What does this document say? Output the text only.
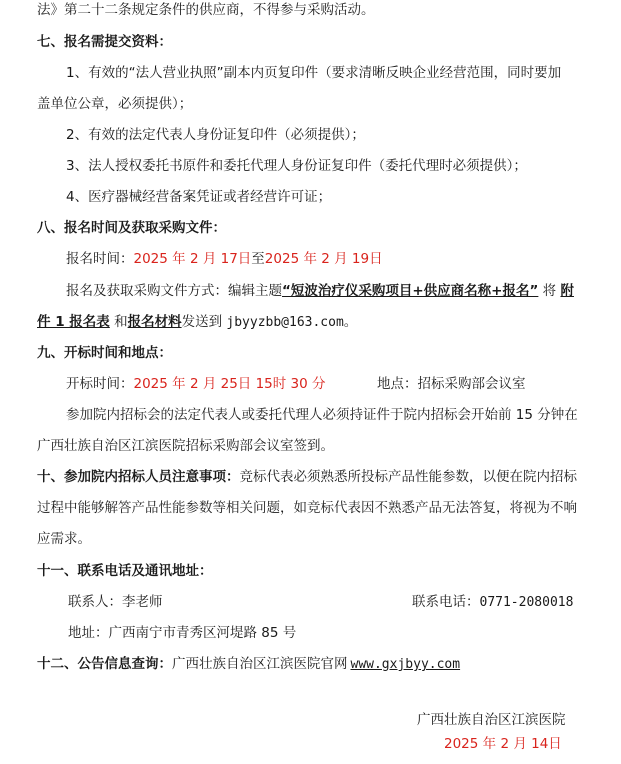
法》第二十二条规定条件的供应商，不得参与采购活动。
七、报名需提交资料：
1、有效的“法人营业执照”副本内页复印件（要求清晰反映企业经营范围，同时要加
盖单位公章，必须提供）；
2、有效的法定代表人身份证复印件（必须提供）；
3、法人授权委托书原件和委托代理人身份证复印件（委托代理时必须提供）；
4、医疗器械经营备案凭证或者经营许可证；
八、报名时间及获取采购文件：
报名时间：2025 年 2 月 17日至2025 年 2 月 19日
报名及获取采购文件方式：编辑主题“短波治疗仪采购项目+供应商名称+报名” 将 附
件 1 报名表 和报名材料发送到 jbyyzbb@163.com。
九、开标时间和地点：
开标时间：2025 年 2 月 25日 15时 30 分	地点：招标采购部会议室
参加院内招标会的法定代表人或委托代理人必须持证件于院内招标会开始前 15 分钟在
广西壮族自治区江滨医院招标采购部会议室签到。
十、参加院内招标人员注意事项：竞标代表必须熟悉所投标产品性能参数，以便在院内招标
过程中能够解答产品性能参数等相关问题，如竞标代表因不熟悉产品无法答复，将视为不响
应需求。
十一、联系电话及通讯地址：
联系人：李老师	联系电话：0771-2080018
地址：广西南宁市青秀区河堤路 85 号
十二、公告信息查询：广西壮族自治区江滨医院官网 www.gxjbyy.com
广西壮族自治区江滨医院
2025 年 2 月 14日
